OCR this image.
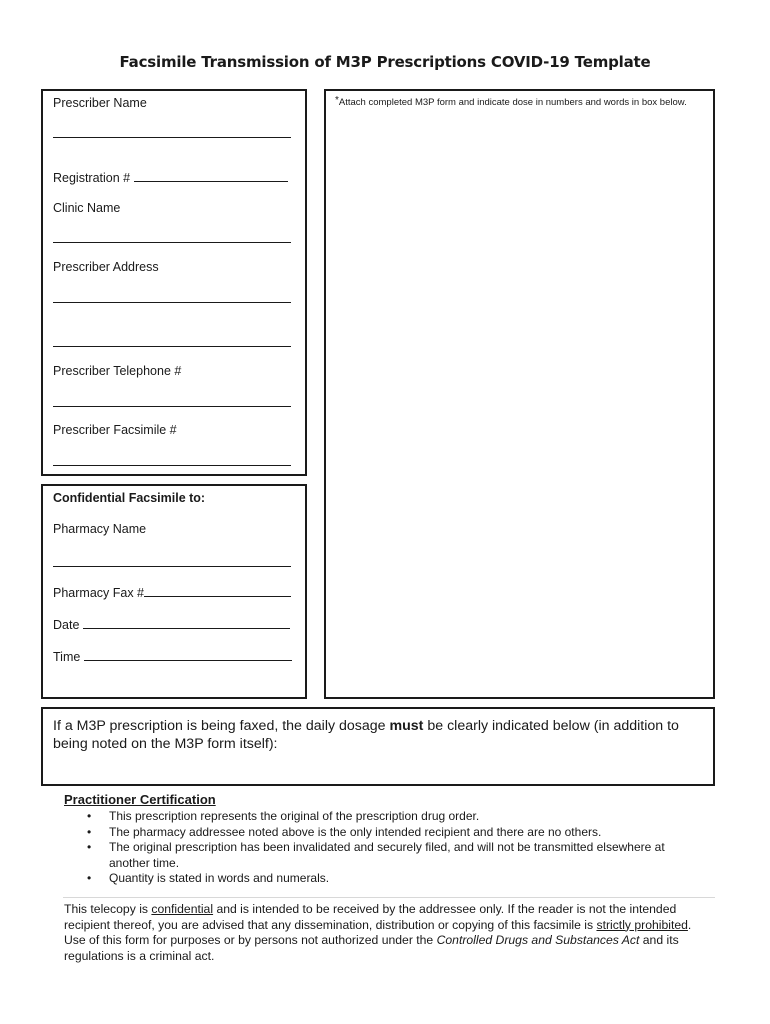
Facsimile Transmission of M3P Prescriptions COVID-19 Template
Prescriber Name
Registration #
Clinic Name
Prescriber Address
Prescriber Telephone #
Prescriber Facsimile #
*Attach completed M3P form and indicate dose in numbers and words in box below.
Confidential Facsimile to:
Pharmacy Name
Pharmacy Fax #
Date
Time
If a M3P prescription is being faxed, the daily dosage must be clearly indicated below (in addition to being noted on the M3P form itself):
Practitioner Certification
• This prescription represents the original of the prescription drug order.
• The pharmacy addressee noted above is the only intended recipient and there are no others.
• The original prescription has been invalidated and securely filed, and will not be transmitted elsewhere at another time.
• Quantity is stated in words and numerals.
This telecopy is confidential and is intended to be received by the addressee only. If the reader is not the intended recipient thereof, you are advised that any dissemination, distribution or copying of this facsimile is strictly prohibited. Use of this form for purposes or by persons not authorized under the Controlled Drugs and Substances Act and its regulations is a criminal act.
